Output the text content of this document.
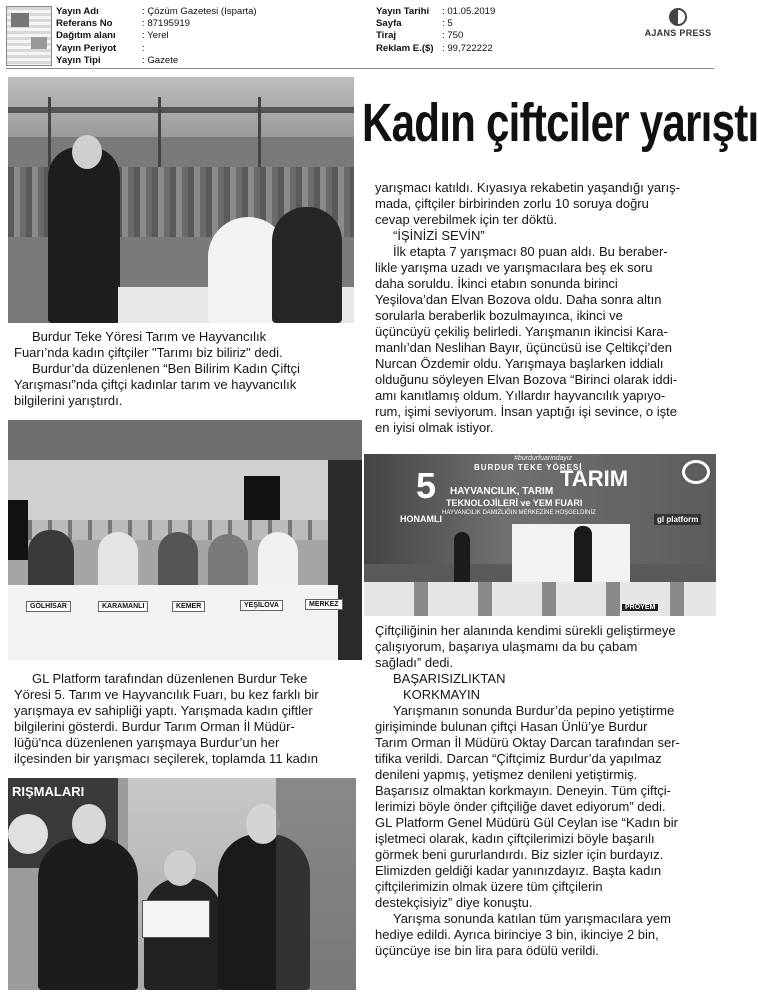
Yayın Adı	: Çözüm Gazetesi (Isparta)
Referans No	: 87195919
Dağıtım alanı	: Yerel
Yayın Periyot	:
Yayın Tipi	: Gazete
Yayın Tarihi	: 01.05.2019
Sayfa	: 5
Tiraj	: 750
Reklam E.($) : 99,722222
AJANS PRESS
Kadın çiftciler yarıştı

Burdur Teke Yöresi Tarım ve Hayvancılık
Fuarı’nda kadın çiftçiler "Tarımı biz biliriz" dedi.
Burdur’da düzenlenen “Ben Bilirim Kadın Çiftçi
Yarışması”nda çiftçi kadınlar tarım ve hayvancılık
bilgilerini yarıştırdı.

GÖLHİSAR	KARAMANLI	KEMER	YEŞİLOVA	MERKEZ

GL Platform tarafından düzenlenen Burdur Teke
Yöresi 5. Tarım ve Hayvancılık Fuarı, bu kez farklı bir
yarışmaya ev sahipliği yaptı. Yarışmada kadın çiftler
bilgilerini gösterdi. Burdur Tarım Orman İl Müdür-
lüğü'nca düzenlenen yarışmaya Burdur’un her
ilçesinden bir yarışmacı seçilerek, toplamda 11 kadın

RIŞMALARI

yarışmacı katıldı. Kıyasıya rekabetin yaşandığı yarış-
mada, çiftçiler birbirinden zorlu 10 soruya doğru
cevap verebilmek için ter döktü.
“İŞİNİZİ SEVİN”
İlk etapta 7 yarışmacı 80 puan aldı. Bu beraber-
likle yarışma uzadı ve yarışmacılara beş ek soru
daha soruldu. İkinci etabın sonunda birinci
Yeşilova’dan Elvan Bozova oldu. Daha sonra altın
sorularla beraberlik bozulmayınca, ikinci ve
üçüncüyü çekiliş belirledi. Yarışmanın ikincisi Kara-
manlı’dan Neslihan Bayır, üçüncüsü ise Çeltikçi’den
Nurcan Özdemir oldu. Yarışmaya başlarken iddialı
olduğunu söyleyen Elvan Bozova “Birinci olarak iddi-
amı kanıtlamış oldum. Yıllardır hayvancılık yapıyo-
rum, işimi seviyorum. İnsan yaptığı işi sevince, o işte
en iyisi olmak istiyor.

#burdurfuarindayiz
BURDUR TEKE YÖRESİ
5	TARIM
HAYVANCILIK, TARIM
TEKNOLOJİLERİ ve YEM FUARI
HAYVANCILIK DAMIZLIĞIN MERKEZİNE HOŞGELDİNİZ
HONAMLI	gl platform
PROYEM

Çiftçiliğinin her alanında kendimi sürekli geliştirmeye
çalışıyorum, başarıya ulaşmamı da bu çabam
sağladı” dedi.
BAŞARISIZLIKTAN
KORKMAYIN
Yarışmanın sonunda Burdur’da pepino yetiştirme
girişiminde bulunan çiftçi Hasan Ünlü’ye Burdur
Tarım Orman İl Müdürü Oktay Darcan tarafından ser-
tifika verildi. Darcan “Çiftçimiz Burdur’da yapılmaz
denileni yapmış, yetişmez denileni yetiştirmiş.
Başarısız olmaktan korkmayın. Deneyin. Tüm çiftçi-
lerimizi böyle önder çiftçiliğe davet ediyorum” dedi.
GL Platform Genel Müdürü Gül Ceylan ise “Kadın bir
işletmeci olarak, kadın çiftçilerimizi böyle başarılı
görmek beni gururlandırdı. Biz sizler için burdayız.
Elimizden geldiği kadar yanınızdayız. Başta kadın
çiftçilerimizin olmak üzere tüm çiftçilerin
destekçisiyiz” diye konuştu.
Yarışma sonunda katılan tüm yarışmacılara yem
hediye edildi. Ayrıca birinciye 3 bin, ikinciye 2 bin,
üçüncüye ise bin lira para ödülü verildi.
